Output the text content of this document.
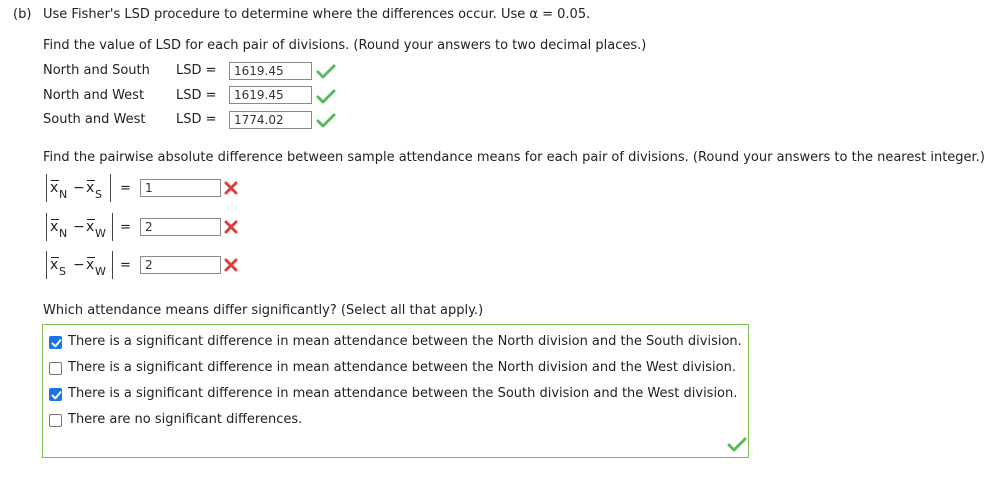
(b) Use Fisher's LSD procedure to determine where the differences occur. Use α = 0.05.
Find the value of LSD for each pair of divisions. (Round your answers to two decimal places.)
North and South LSD =	1619.45
North and West LSD =	1619.45
South and West LSD =	1774.02
Find the pairwise absolute difference between sample attendance means for each pair of divisions. (Round your answers to the nearest integer.)
x N − x S =	1
x N − x W =	2
x S − x W =	2
Which attendance means differ significantly? (Select all that apply.)
There is a significant difference in mean attendance between the North division and the South division.
There is a significant difference in mean attendance between the North division and the West division.
There is a significant difference in mean attendance between the South division and the West division.
There are no significant differences.
